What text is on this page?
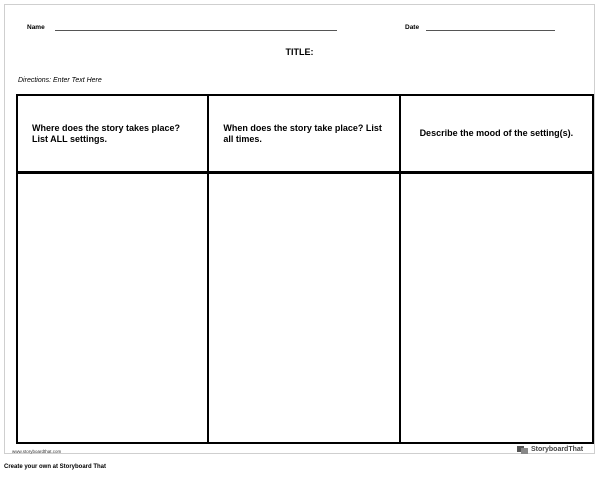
Name	Date
TITLE:
Directions: Enter Text Here
Where does the story takes place? List ALL settings.
When does the story take place? List all times.
Describe the mood of the setting(s).
www.storyboardthat.com	StoryboardThat
Create your own at Storyboard That
